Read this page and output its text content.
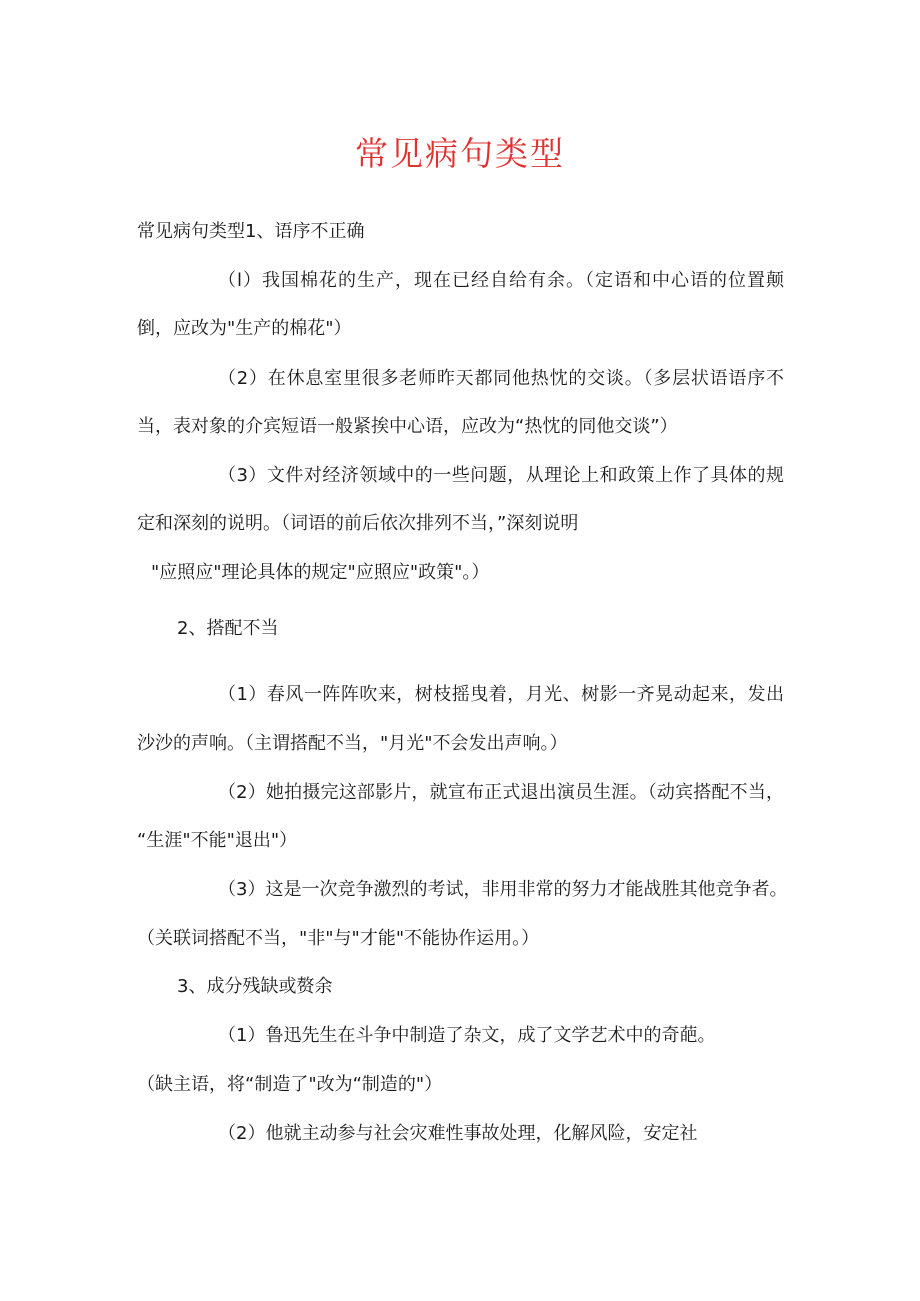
常见病句类型
常见病句类型1、语序不正确
（l）我国棉花的生产，现在已经自给有余。（定语和中心语的位置颠
倒，应改为"生产的棉花"）
（2）在休息室里很多老师昨天都同他热忱的交谈。（多层状语语序不
当，表对象的介宾短语一般紧挨中心语，应改为“热忱的同他交谈”）
（3）文件对经济领域中的一些问题，从理论上和政策上作了具体的规
定和深刻的说明。（词语的前后依次排列不当，”深刻说明
"应照应"理论具体的规定"应照应"政策"。）
2、搭配不当
（1）春风一阵阵吹来，树枝摇曳着，月光、树影一齐晃动起来，发出
沙沙的声响。（主谓搭配不当，"月光"不会发出声响。）
（2）她拍摄完这部影片，就宣布正式退出演员生涯。（动宾搭配不当，
“生涯"不能"退出"）
（3）这是一次竞争激烈的考试，非用非常的努力才能战胜其他竞争者。
（关联词搭配不当，"非"与"才能"不能协作运用。）
3、成分残缺或赘余
（1）鲁迅先生在斗争中制造了杂文，成了文学艺术中的奇葩。
（缺主语，将“制造了"改为“制造的"）
（2）他就主动参与社会灾难性事故处理，化解风险，安定社
